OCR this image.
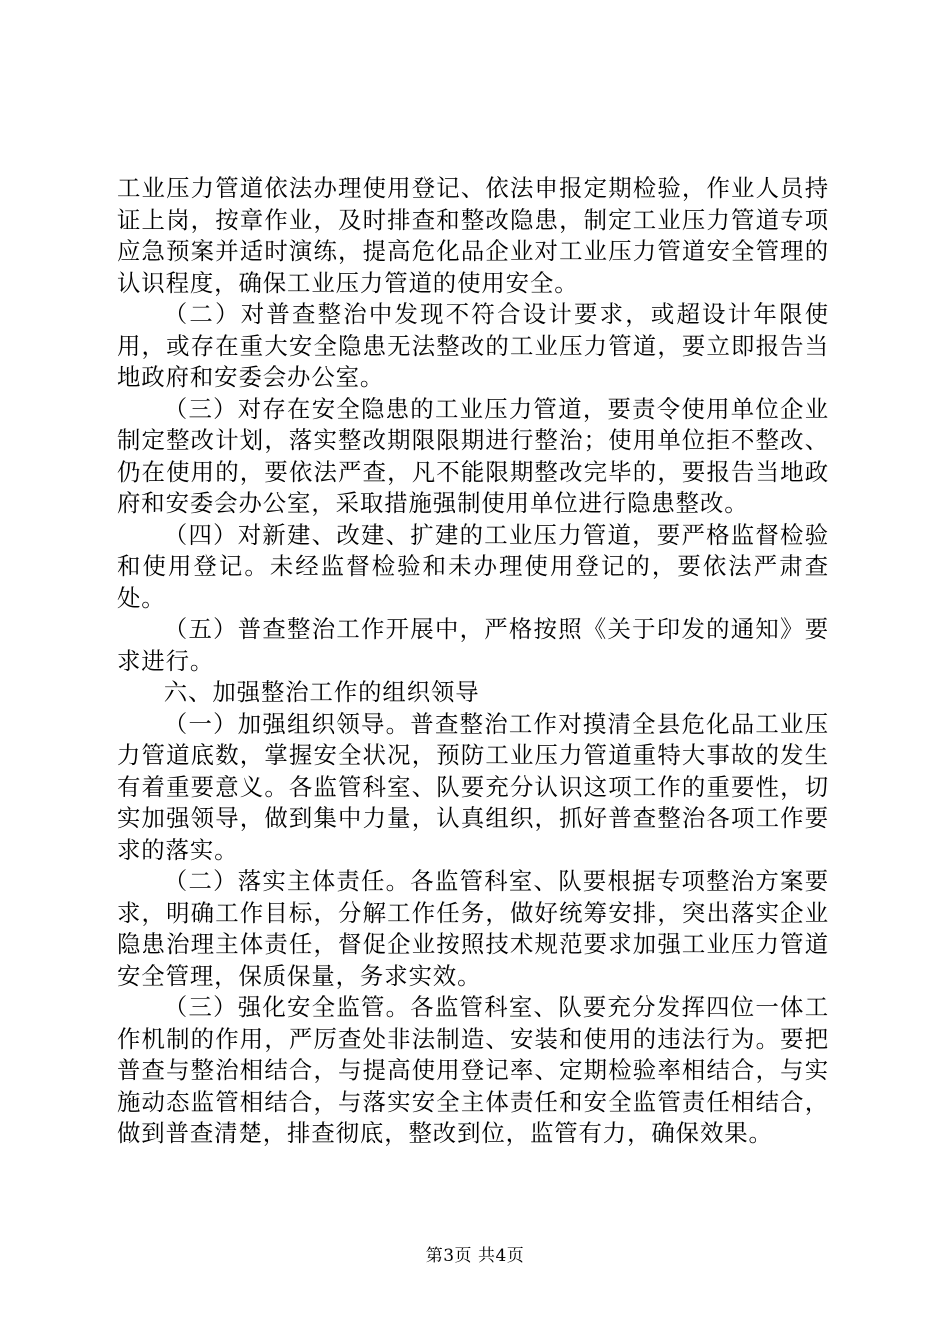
工业压力管道依法办理使用登记、依法申报定期检验，作业人员持证上岗，按章作业，及时排查和整改隐患，制定工业压力管道专项应急预案并适时演练，提高危化品企业对工业压力管道安全管理的认识程度，确保工业压力管道的使用安全。

（二）对普查整治中发现不符合设计要求，或超设计年限使用，或存在重大安全隐患无法整改的工业压力管道，要立即报告当地政府和安委会办公室。

（三）对存在安全隐患的工业压力管道，要责令使用单位企业制定整改计划，落实整改期限限期进行整治；使用单位拒不整改、仍在使用的，要依法严查，凡不能限期整改完毕的，要报告当地政府和安委会办公室，采取措施强制使用单位进行隐患整改。

（四）对新建、改建、扩建的工业压力管道，要严格监督检验和使用登记。未经监督检验和未办理使用登记的，要依法严肃查处。

（五）普查整治工作开展中，严格按照《关于印发的通知》要求进行。

六、加强整治工作的组织领导

（一）加强组织领导。普查整治工作对摸清全县危化品工业压力管道底数，掌握安全状况，预防工业压力管道重特大事故的发生有着重要意义。各监管科室、队要充分认识这项工作的重要性，切实加强领导，做到集中力量，认真组织，抓好普查整治各项工作要求的落实。

（二）落实主体责任。各监管科室、队要根据专项整治方案要求，明确工作目标，分解工作任务，做好统筹安排，突出落实企业隐患治理主体责任，督促企业按照技术规范要求加强工业压力管道安全管理，保质保量，务求实效。

（三）强化安全监管。各监管科室、队要充分发挥四位一体工作机制的作用，严厉查处非法制造、安装和使用的违法行为。要把普查与整治相结合，与提高使用登记率、定期检验率相结合，与实施动态监管相结合，与落实安全主体责任和安全监管责任相结合，做到普查清楚，排查彻底，整改到位，监管有力，确保效果。

第3页 共4页
